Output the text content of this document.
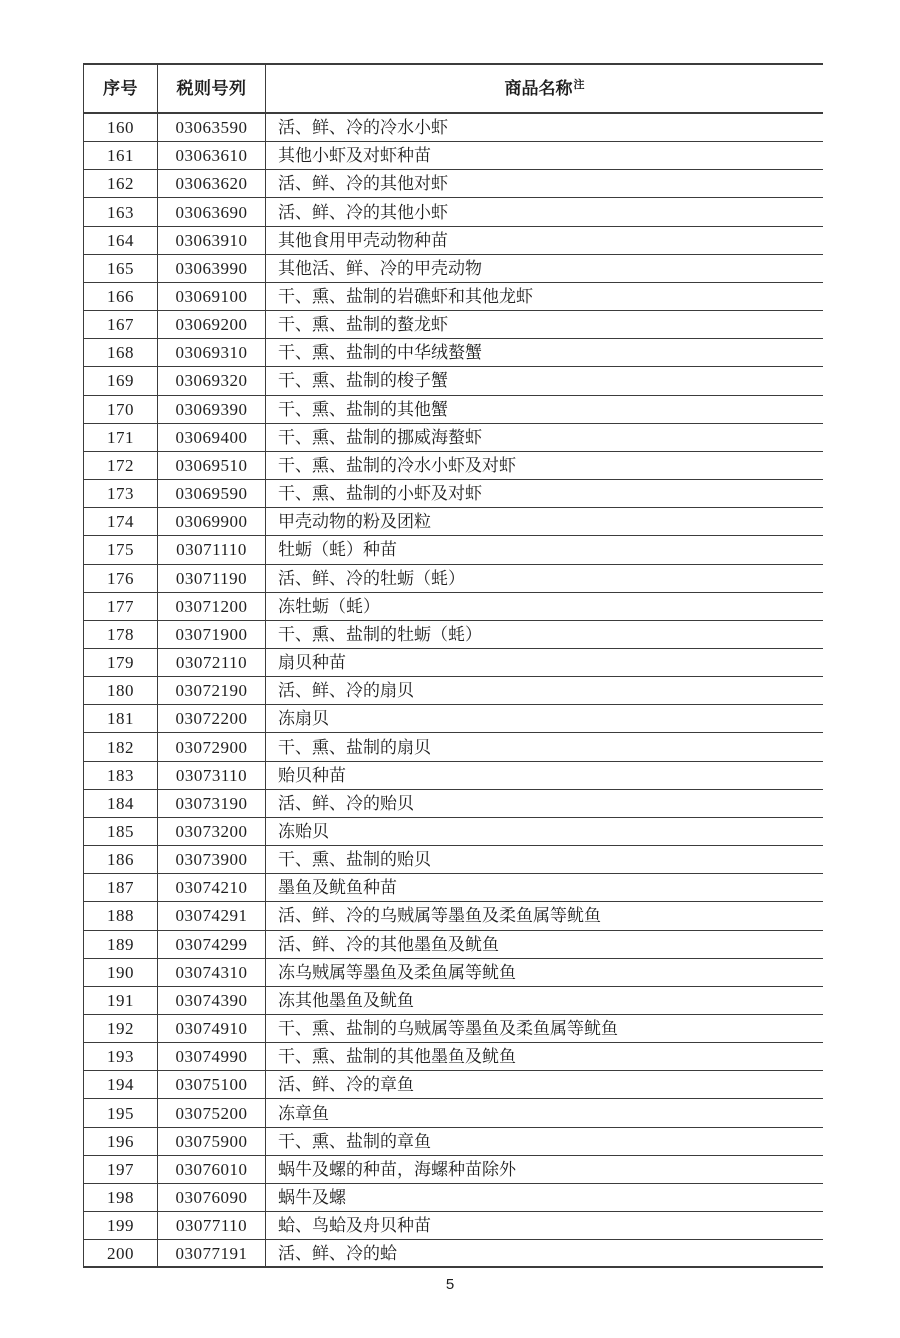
序号 税则号列	商品名称 注
160	03063590	活、鲜、冷的冷水小虾
161	03063610	其他小虾及对虾种苗
162	03063620	活、鲜、冷的其他对虾
163	03063690	活、鲜、冷的其他小虾
164	03063910	其他食用甲壳动物种苗
165	03063990	其他活、鲜、冷的甲壳动物
166	03069100	干、熏、盐制的岩礁虾和其他龙虾
167	03069200	干、熏、盐制的螯龙虾
168	03069310	干、熏、盐制的中华绒螯蟹
169	03069320	干、熏、盐制的梭子蟹
170	03069390	干、熏、盐制的其他蟹
171	03069400	干、熏、盐制的挪威海螯虾
172	03069510	干、熏、盐制的冷水小虾及对虾
173	03069590	干、熏、盐制的小虾及对虾
174	03069900	甲壳动物的粉及团粒
175	03071110	牡蛎（蚝）种苗
176	03071190	活、鲜、冷的牡蛎（蚝）
177	03071200	冻牡蛎（蚝）
178	03071900	干、熏、盐制的牡蛎（蚝）
179	03072110	扇贝种苗
180	03072190	活、鲜、冷的扇贝
181	03072200	冻扇贝
182	03072900	干、熏、盐制的扇贝
183	03073110	贻贝种苗
184	03073190	活、鲜、冷的贻贝
185	03073200	冻贻贝
186	03073900	干、熏、盐制的贻贝
187	03074210	墨鱼及鱿鱼种苗
188	03074291	活、鲜、冷的乌贼属等墨鱼及柔鱼属等鱿鱼
189	03074299	活、鲜、冷的其他墨鱼及鱿鱼
190	03074310	冻乌贼属等墨鱼及柔鱼属等鱿鱼
191	03074390	冻其他墨鱼及鱿鱼
192	03074910	干、熏、盐制的乌贼属等墨鱼及柔鱼属等鱿鱼
193	03074990	干、熏、盐制的其他墨鱼及鱿鱼
194	03075100	活、鲜、冷的章鱼
195	03075200	冻章鱼
196	03075900	干、熏、盐制的章鱼
197	03076010	蜗牛及螺的种苗，海螺种苗除外
198	03076090	蜗牛及螺
199	03077110	蛤、鸟蛤及舟贝种苗
200	03077191	活、鲜、冷的蛤
5
